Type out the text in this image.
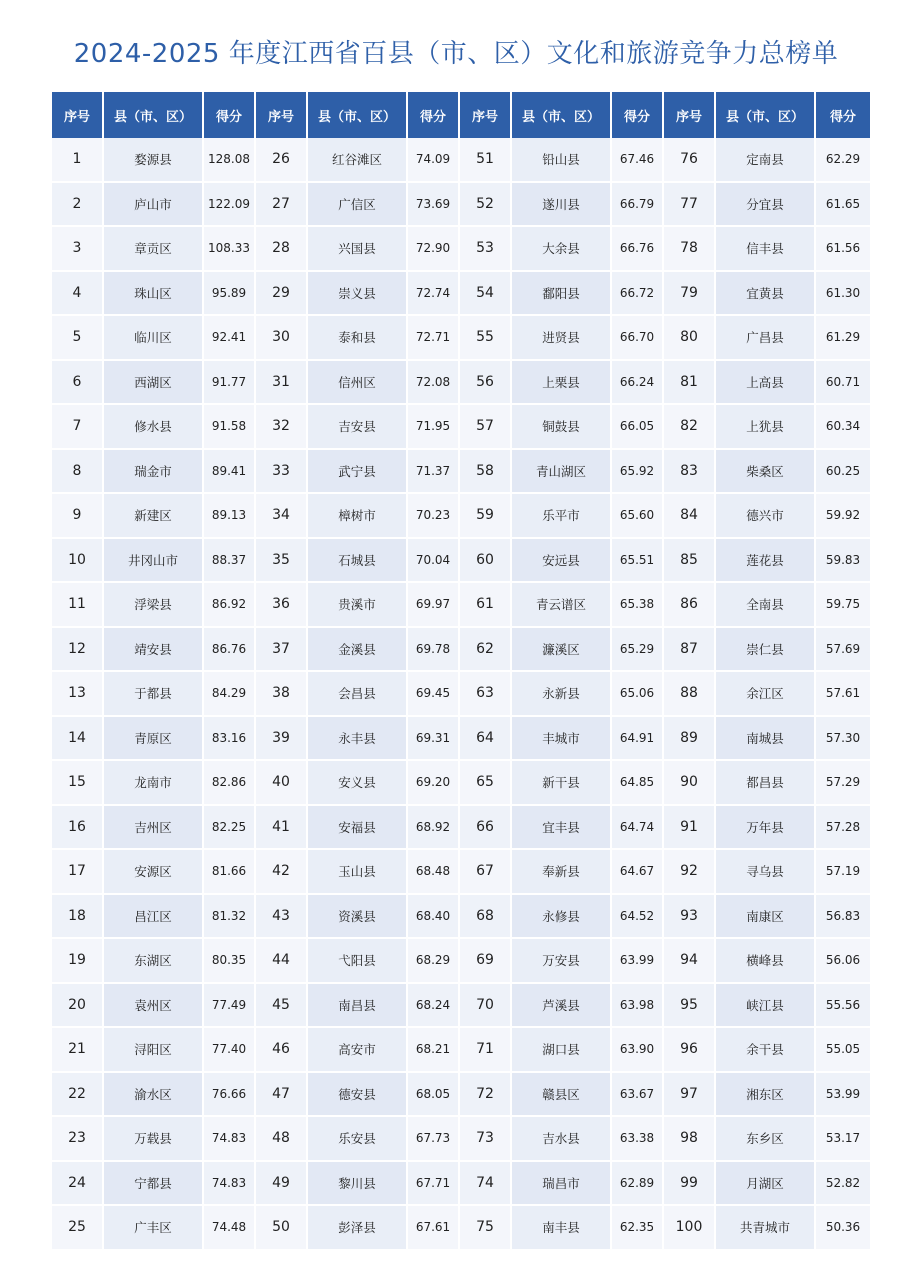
2024-2025 年度江西省百县（市、区）文化和旅游竞争力总榜单
序号	县（市、区）	得分	序号	县（市、区）	得分	序号	县（市、区）	得分	序号	县（市、区）	得分
1	婺源县	128.08	26	红谷滩区	74.09	51	铅山县	67.46	76	定南县	62.29
2	庐山市	122.09	27	广信区	73.69	52	遂川县	66.79	77	分宜县	61.65
3	章贡区	108.33	28	兴国县	72.90	53	大余县	66.76	78	信丰县	61.56
4	珠山区	95.89	29	崇义县	72.74	54	鄱阳县	66.72	79	宜黄县	61.30
5	临川区	92.41	30	泰和县	72.71	55	进贤县	66.70	80	广昌县	61.29
6	西湖区	91.77	31	信州区	72.08	56	上栗县	66.24	81	上高县	60.71
7	修水县	91.58	32	吉安县	71.95	57	铜鼓县	66.05	82	上犹县	60.34
8	瑞金市	89.41	33	武宁县	71.37	58	青山湖区	65.92	83	柴桑区	60.25
9	新建区	89.13	34	樟树市	70.23	59	乐平市	65.60	84	德兴市	59.92
10	井冈山市	88.37	35	石城县	70.04	60	安远县	65.51	85	莲花县	59.83
11	浮梁县	86.92	36	贵溪市	69.97	61	青云谱区	65.38	86	全南县	59.75
12	靖安县	86.76	37	金溪县	69.78	62	濂溪区	65.29	87	崇仁县	57.69
13	于都县	84.29	38	会昌县	69.45	63	永新县	65.06	88	余江区	57.61
14	青原区	83.16	39	永丰县	69.31	64	丰城市	64.91	89	南城县	57.30
15	龙南市	82.86	40	安义县	69.20	65	新干县	64.85	90	都昌县	57.29
16	吉州区	82.25	41	安福县	68.92	66	宜丰县	64.74	91	万年县	57.28
17	安源区	81.66	42	玉山县	68.48	67	奉新县	64.67	92	寻乌县	57.19
18	昌江区	81.32	43	资溪县	68.40	68	永修县	64.52	93	南康区	56.83
19	东湖区	80.35	44	弋阳县	68.29	69	万安县	63.99	94	横峰县	56.06
20	袁州区	77.49	45	南昌县	68.24	70	芦溪县	63.98	95	峡江县	55.56
21	浔阳区	77.40	46	高安市	68.21	71	湖口县	63.90	96	余干县	55.05
22	渝水区	76.66	47	德安县	68.05	72	赣县区	63.67	97	湘东区	53.99
23	万载县	74.83	48	乐安县	67.73	73	吉水县	63.38	98	东乡区	53.17
24	宁都县	74.83	49	黎川县	67.71	74	瑞昌市	62.89	99	月湖区	52.82
25	广丰区	74.48	50	彭泽县	67.61	75	南丰县	62.35	100	共青城市	50.36
